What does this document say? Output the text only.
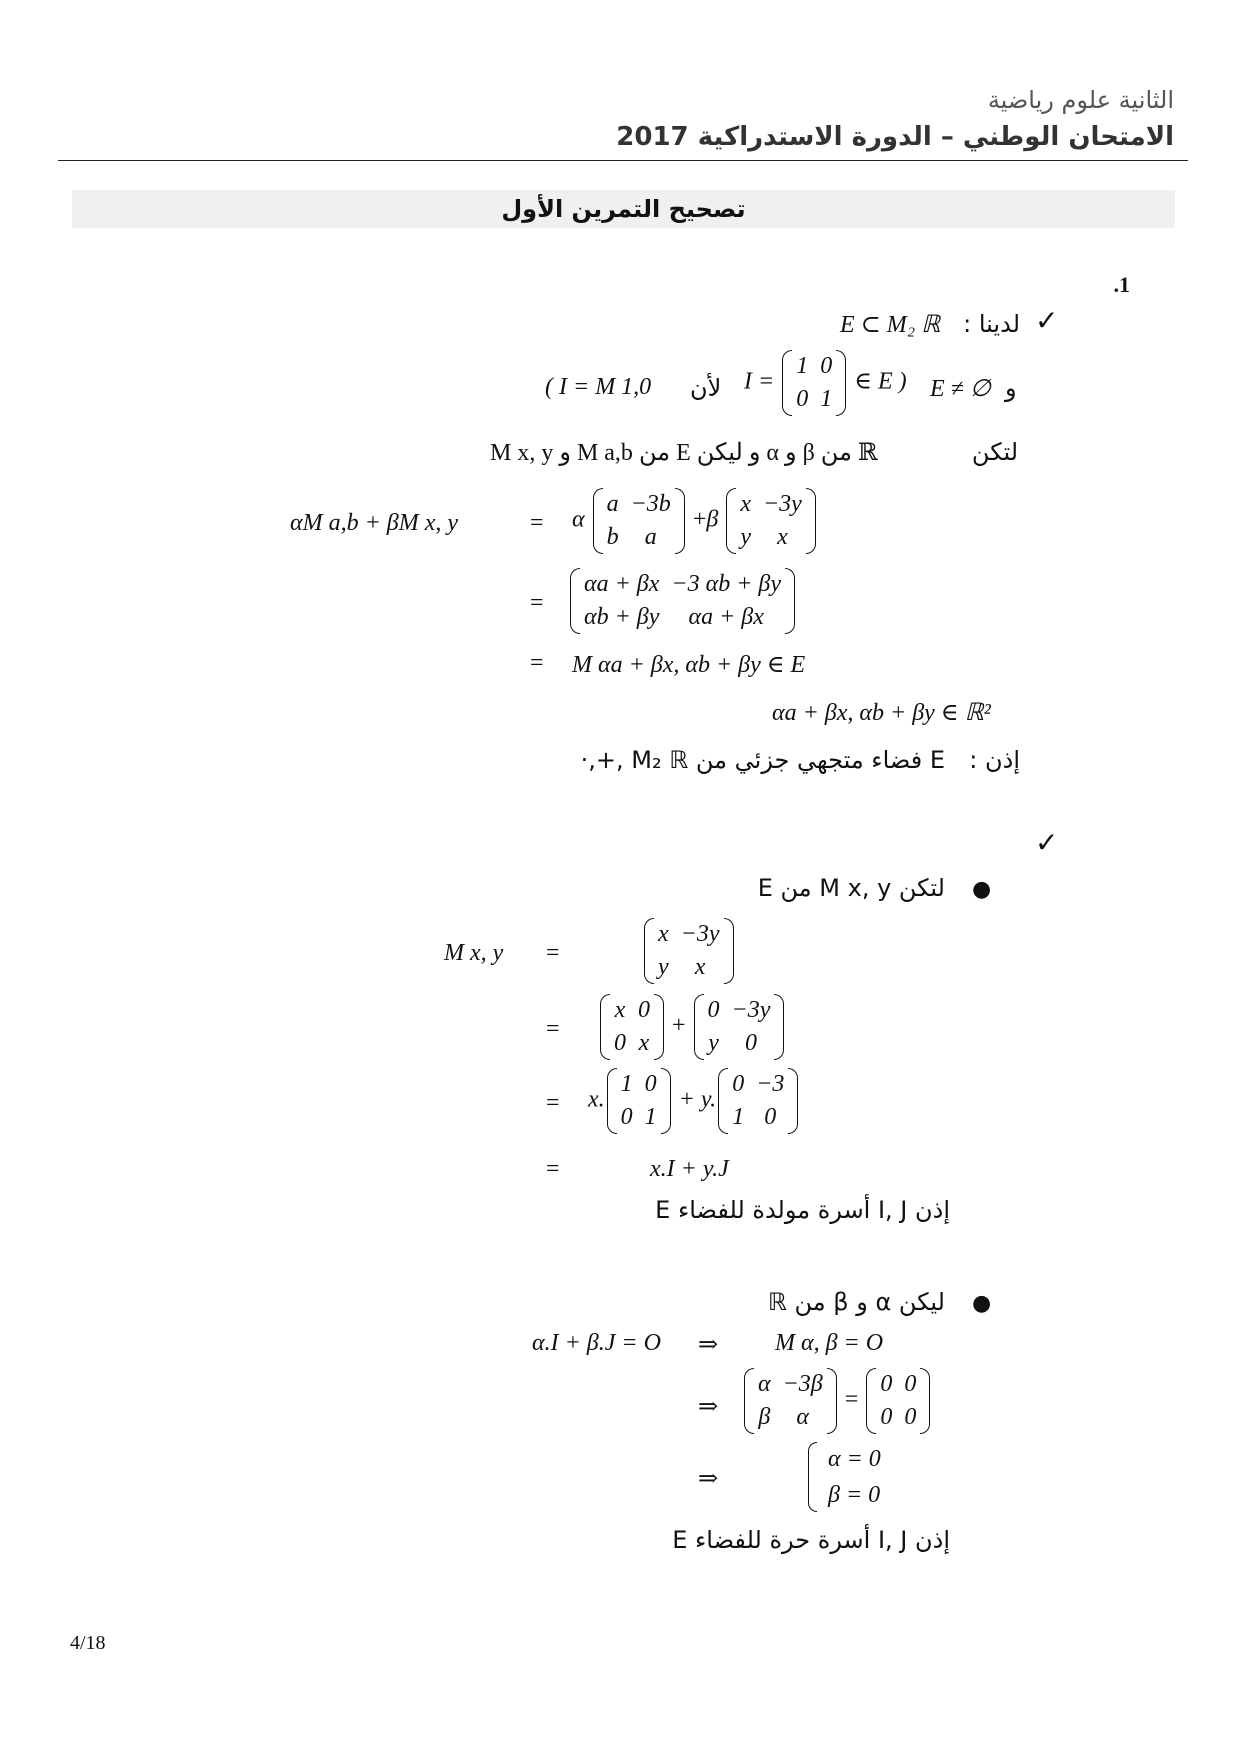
الثانية علوم رياضية
الامتحان الوطني – الدورة الاستدراكية 2017
تصحيح التمرين الأول
.1
✓
لدينا :
E ⊂ M₂ ℝ
و
E ≠ ∅
I =
1	0
0	1
∈ E )
لأن
( I = M 1,0
لتكن
M x, y و M a,b من E و ليكن α و β من ℝ
αM a,b + βM x, y	= α
a	−3b
b	a
+β
x	−3y
y	x
=
αa + βx	−3 αb + βy
αb + βy	αa + βx
= M αa + βx, αb + βy ∈ E
αa + βx, αb + βy ∈ ℝ²
إذن :
E فضاء متجهي جزئي من M₂ ℝ ,+,·
✓
●
لتكن M x, y من E
M x, y =
x	−3y
y	x
=
x	0
0	x
+
0	−3y
y	0
= x.
1	0
0	1
+ y.
0	−3
1	0
=	x.I + y.J
إذن I, J أسرة مولدة للفضاء E
●
ليكن α و β من ℝ
α.I + β.J = O ⇒ M α, β = O
⇒
α	−3β
β	α
=
0	0
0	0
⇒
α = 0
β = 0
إذن I, J أسرة حرة للفضاء E
4/18
